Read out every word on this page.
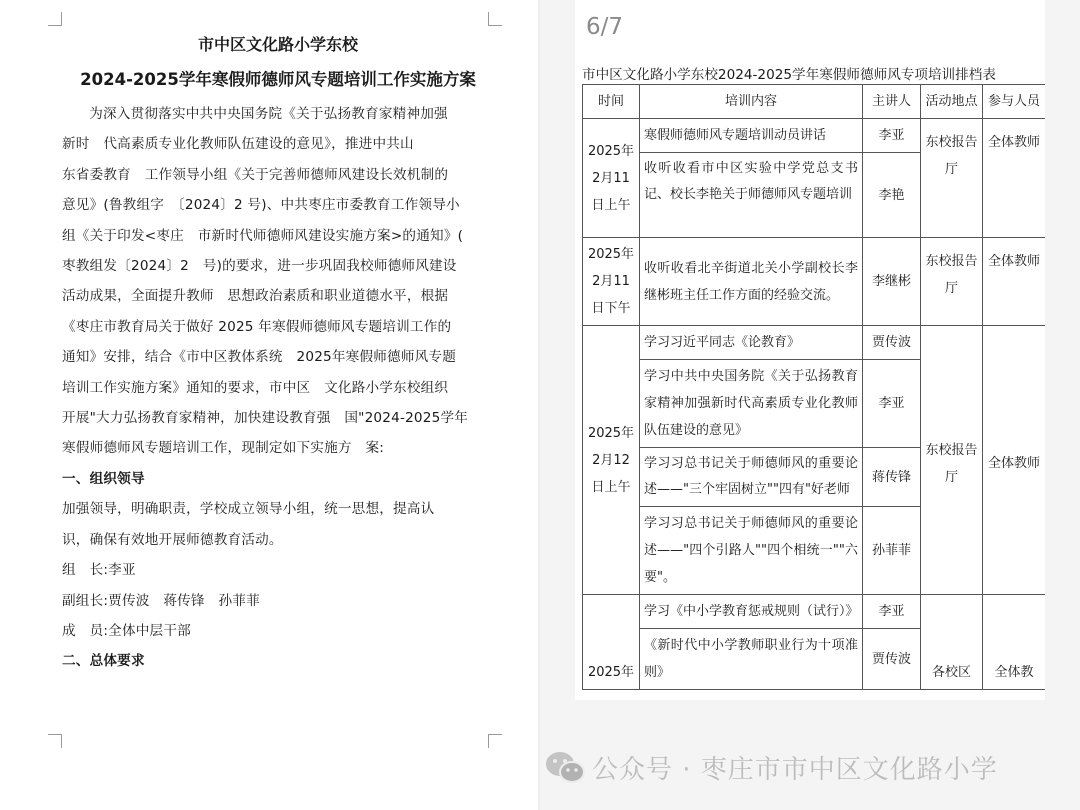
市中区文化路小学东校
2024-2025学年寒假师德师风专题培训工作实施方案
为深入贯彻落实中共中央国务院《关于弘扬教育家精神加强
新时　代高素质专业化教师队伍建设的意见》，推进中共山
东省委教育　工作领导小组《关于完善师德师风建设长效机制的
意见》(鲁教组字　〔2024〕2 号)、中共枣庄市委教育工作领导小
组《关于印发<枣庄　市新时代师德师风建设实施方案>的通知》(
枣教组发〔2024〕2　号)的要求，进一步巩固我校师德师风建设
活动成果，全面提升教师　思想政治素质和职业道德水平，根据
《枣庄市教育局关于做好 2025 年寒假师德师风专题培训工作的
通知》安排，结合《市中区教体系统　2025年寒假师德师风专题
培训工作实施方案》通知的要求，市中区　文化路小学东校组织
开展"大力弘扬教育家精神，加快建设教育强　国"2024-2025学年
寒假师德师风专题培训工作，现制定如下实施方　案:
一、组织领导
加强领导，明确职责，学校成立领导小组，统一思想，提高认
识，确保有效地开展师德教育活动。
组　长:李亚
副组长:贾传波　蒋传锋　孙菲菲
成　员:全体中层干部
二、总体要求
6/7
市中区文化路小学东校2024-2025学年寒假师德师风专项培训排档表
时间	培训内容	主讲人	活动地点	参与人员
2025年2月11日上午	寒假师德师风专题培训动员讲话	李亚	东校报告厅	全体教师

	收听收看市中区实验中学党总支书记、校长李艳关于师德师风专题培训	李艳		
2025年2月11日下午	收听收看北辛街道北关小学副校长李继彬班主任工作方面的经验交流。	李继彬	东校报告厅	全体教师
2025年2月12日上午	学习习近平同志《论教育》	贾传波	东校报告厅	全体教师
	学习中共中央国务院《关于弘扬教育家精神加强新时代高素质专业化教师队伍建设的意见》	李亚		

	学习习总书记关于师德师风的重要论述——"三个牢固树立""四有"好老师	蒋传锋		
	学习习总书记关于师德师风的重要论述——"四个引路人""四个相统一""六要"。	孙菲菲		
2025年	学习《中小学教育惩戒规则（试行）》	李亚	各校区	全体教
	《新时代中小学教师职业行为十项准则》	贾传波		
公众号 · 枣庄市市中区文化路小学
